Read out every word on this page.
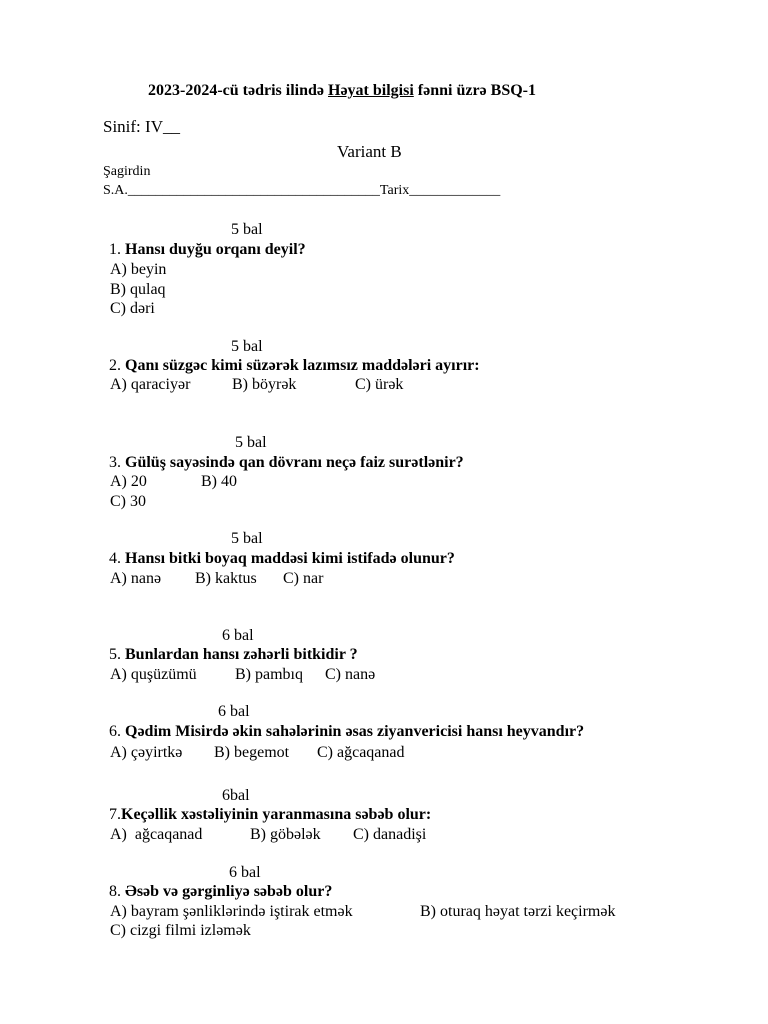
2023-2024-cü tədris ilində Həyat bilgisi fənni üzrə BSQ-1
Sinif: IV__
Variant B
Şagirdin
S.A.____________________________________Tarix_____________
5 bal
1. Hansı duyğu orqanı deyil?
A) beyin
B) qulaq
C) dəri
5 bal
2. Qanı süzgəc kimi süzərək lazımsız maddələri ayırır:
A) qaraciyər	B) böyrək	C) ürək
5 bal
3. Gülüş sayəsində qan dövranı neçə faiz surətlənir?
A) 20	B) 40
C) 30
5 bal
4. Hansı bitki boyaq maddəsi kimi istifadə olunur?
A) nanə B) kaktus C) nar
6 bal
5. Bunlardan hansı zəhərli bitkidir ?
A) quşüzümü B) pambıq C) nanə
6 bal
6. Qədim Misirdə əkin sahələrinin əsas ziyanvericisi hansı heyvandır?
A) çəyirtkə B) begemot C) ağcaqanad
6bal
7.Keçəllik xəstəliyinin yaranmasına səbəb olur:
A)  ağcaqanad	B) göbələk C) danadişi
6 bal
8. Əsəb və gərginliyə səbəb olur?
A) bayram şənliklərində iştirak etmək	B) oturaq həyat tərzi keçirmək
C) cizgi filmi izləmək
